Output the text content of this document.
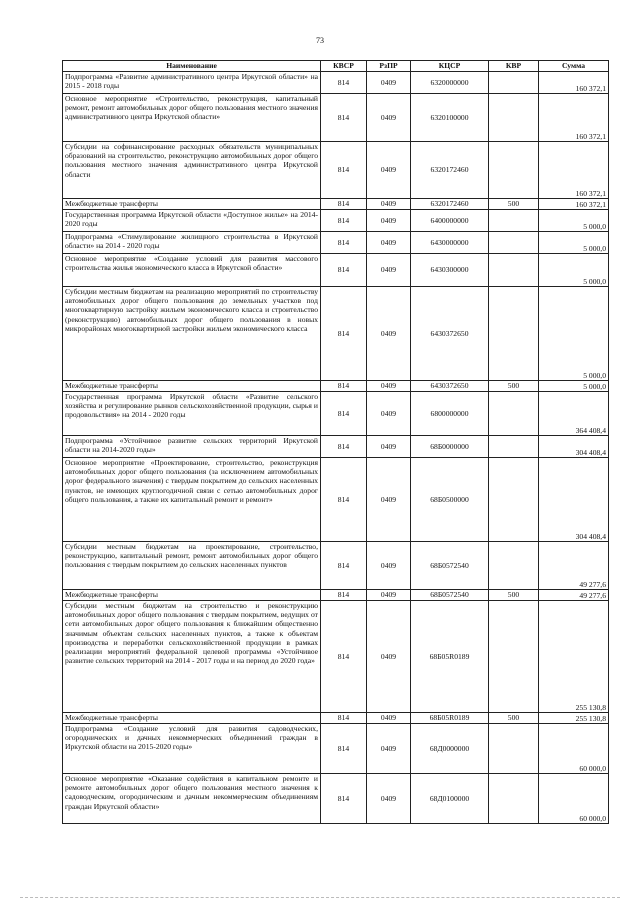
73
Наименование	КВСР	РзПР	КЦСР	КВР	Сумма
Подпрограмма «Развитие административного центра Иркутской области» на 2015 - 2018 годы	814	0409	6320000000		160 372,1
Основное мероприятие «Строительство, реконструкция, капитальный ремонт, ремонт автомобильных дорог общего пользования местного значения административного центра Иркутской области»	814	0409	6320100000		160 372,1
Субсидии на софинансирование расходных обязательств муниципальных образований на строительство, реконструкцию автомобильных дорог общего пользования местного значения административного центра Иркутской области	814	0409	6320172460		160 372,1
Межбюджетные трансферты	814	0409	6320172460	500	160 372,1
Государственная программа Иркутской области «Доступное жилье» на 2014-2020 годы	814	0409	6400000000		5 000,0
Подпрограмма «Стимулирование жилищного строительства в Иркутской области» на 2014 - 2020 годы	814	0409	6430000000		5 000,0
Основное мероприятие «Создание условий для развития массового строительства жилья экономического класса в Иркутской области»	814	0409	6430300000		5 000,0
Субсидии местным бюджетам на реализацию мероприятий по строительству автомобильных дорог общего пользования до земельных участков под многоквартирную застройку жильем экономического класса и строительство (реконструкцию) автомобильных дорог общего пользования в новых микрорайонах многоквартирной застройки жильем экономического класса	814	0409	6430372650		5 000,0
Межбюджетные трансферты	814	0409	6430372650	500	5 000,0
Государственная программа Иркутской области «Развитие сельского хозяйства и регулирование рынков сельскохозяйственной продукции, сырья и продовольствия» на 2014 - 2020 годы	814	0409	6800000000		364 408,4
Подпрограмма «Устойчивое развитие сельских территорий Иркутской области на 2014-2020 годы»	814	0409	68Б0000000		304 408,4
Основное мероприятие «Проектирование, строительство, реконструкция автомобильных дорог общего пользования (за исключением автомобильных дорог федерального значения) с твердым покрытием до сельских населенных пунктов, не имеющих круглогодичной связи с сетью автомобильных дорог общего пользования, а также их капитальный ремонт и ремонт»	814	0409	68Б0500000		304 408,4
Субсидии местным бюджетам на проектирование, строительство, реконструкцию, капитальный ремонт, ремонт автомобильных дорог общего пользования с твердым покрытием до сельских населенных пунктов	814	0409	68Б0572540		49 277,6
Межбюджетные трансферты	814	0409	68Б0572540	500	49 277,6
Субсидии местным бюджетам на строительство и реконструкцию автомобильных дорог общего пользования с твердым покрытием, ведущих от сети автомобильных дорог общего пользования к ближайшим общественно значимым объектам сельских населенных пунктов, а также к объектам производства и переработки сельскохозяйственной продукции в рамках реализации мероприятий федеральной целевой программы «Устойчивое развитие сельских территорий на 2014 - 2017 годы и на период до 2020 года»	814	0409	68Б05R0189		255 130,8
Межбюджетные трансферты	814	0409	68Б05R0189	500	255 130,8
Подпрограмма «Создание условий для развития садоводческих, огороднических и дачных некоммерческих объединений граждан в Иркутской области на 2015-2020 годы»	814	0409	68Д0000000		60 000,0
Основное мероприятие «Оказание содействия в капитальном ремонте и ремонте автомобильных дорог общего пользования местного значения к садоводческим, огородническим и дачным некоммерческим объединениям граждан Иркутской области»	814	0409	68Д0100000		60 000,0
